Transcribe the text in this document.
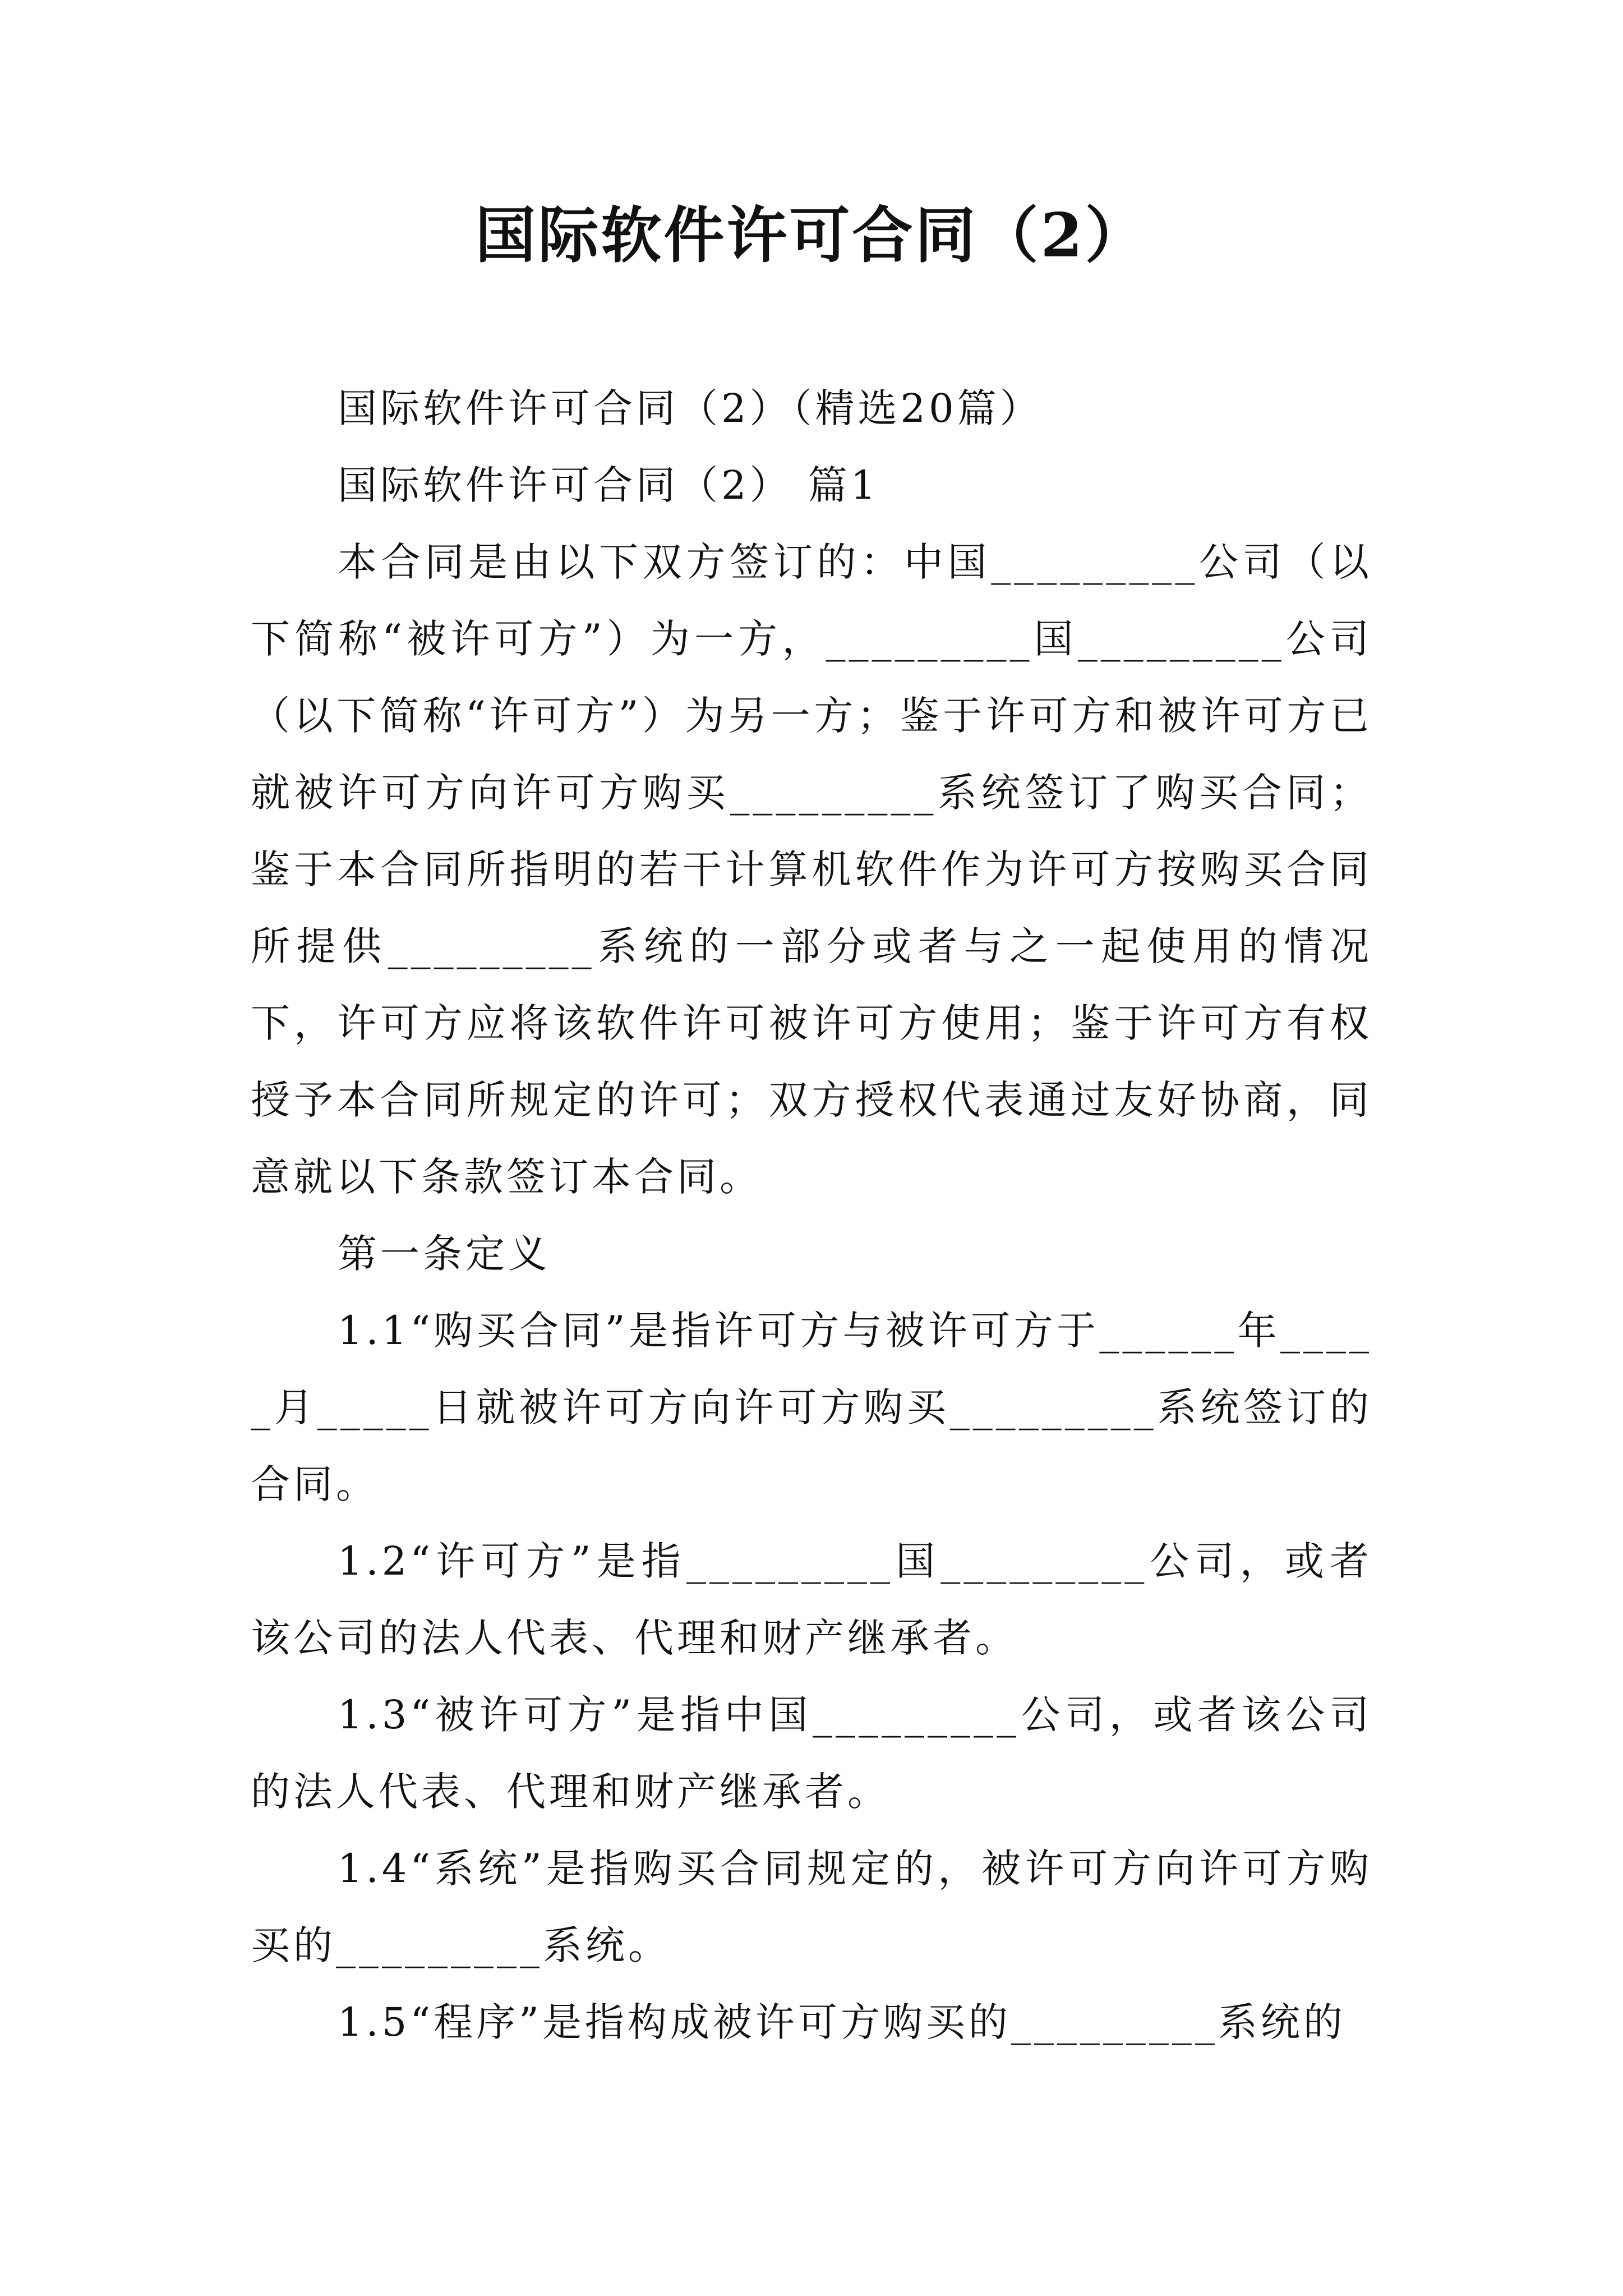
国际软件许可合同（2）

国际软件许可合同（2）（精选20篇）

国际软件许可合同（2） 篇1

本合同是由以下双方签订的：中国_________公司（以下简称“被许可方”）为一方，_________国_________公司（以下简称“许可方”）为另一方；鉴于许可方和被许可方已就被许可方向许可方购买_________系统签订了购买合同；鉴于本合同所指明的若干计算机软件作为许可方按购买合同所提供_________系统的一部分或者与之一起使用的情况下，许可方应将该软件许可被许可方使用；鉴于许可方有权授予本合同所规定的许可；双方授权代表通过友好协商，同意就以下条款签订本合同。

第一条定义

1.1“购买合同”是指许可方与被许可方于______年_____月_____日就被许可方向许可方购买_________系统签订的合同。

1.2“许可方”是指_________国_________公司，或者该公司的法人代表、代理和财产继承者。

1.3“被许可方”是指中国_________公司，或者该公司的法人代表、代理和财产继承者。

1.4“系统”是指购买合同规定的，被许可方向许可方购买的_________系统。

1.5“程序”是指构成被许可方购买的_________系统的
